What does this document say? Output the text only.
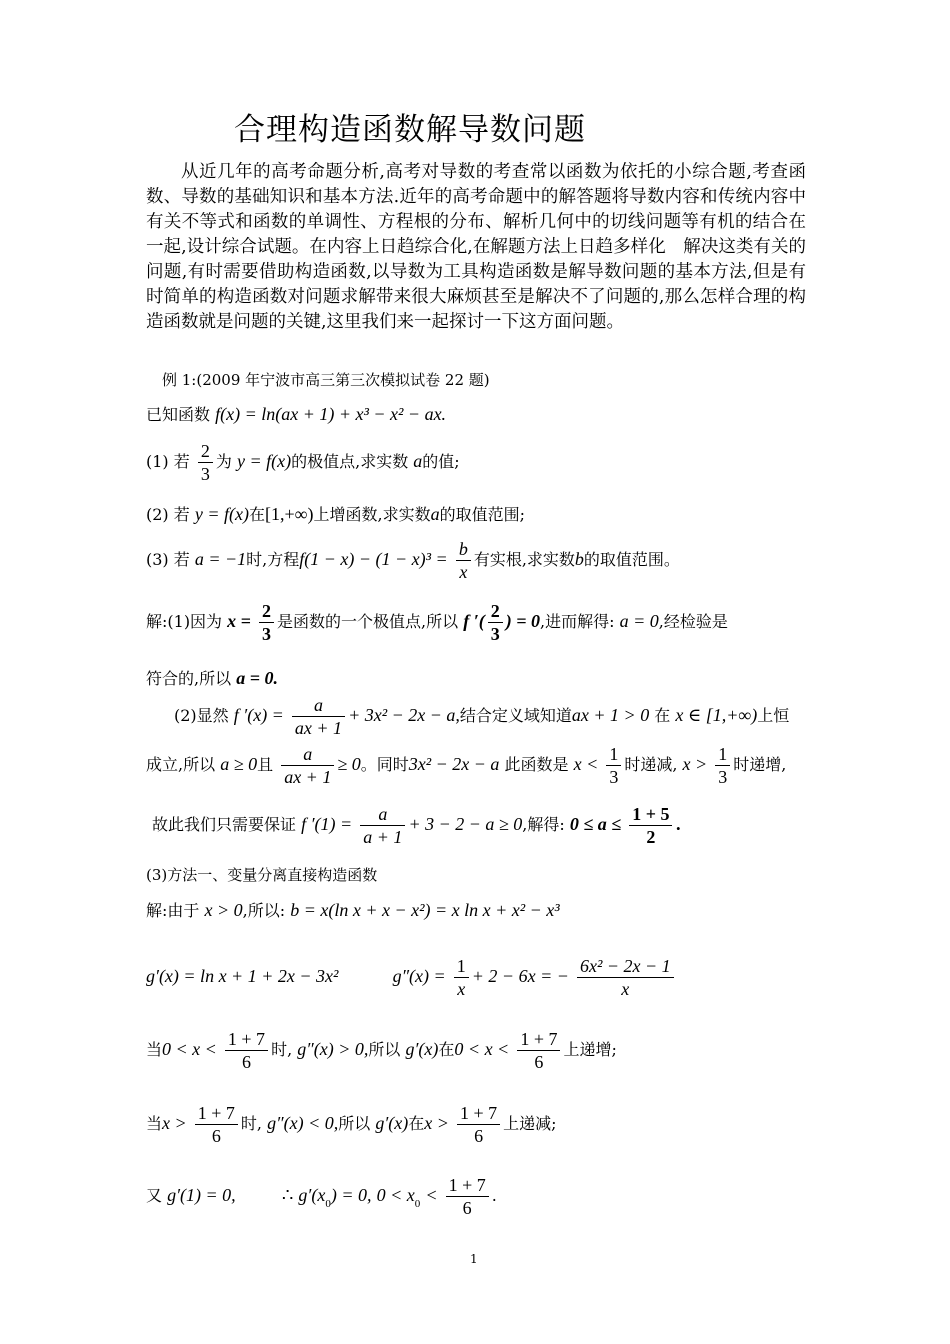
合理构造函数解导数问题
从近几年的高考命题分析,高考对导数的考查常以函数为依托的小综合题,考查函数、导数的基础知识和基本方法.近年的高考命题中的解答题将导数内容和传统内容中有关不等式和函数的单调性、方程根的分布、解析几何中的切线问题等有机的结合在一起,设计综合试题。在内容上日趋综合化,在解题方法上日趋多样化　解决这类有关的问题,有时需要借助构造函数,以导数为工具构造函数是解导数问题的基本方法,但是有时简单的构造函数对问题求解带来很大麻烦甚至是解决不了问题的,那么怎样合理的构造函数就是问题的关键,这里我们来一起探讨一下这方面问题。
例 1:(2009 年宁波市高三第三次模拟试卷 22 题)
已知函数 f(x) = ln(ax + 1) + x³ − x² − ax.
(1) 若 $\frac{2}{3}$ 为 y = f(x)的极值点,求实数 a的值;
(2) 若 y = f(x)在[1,+∞)上增函数,求实数a的取值范围;
(3) 若 a = −1时,方程$f(1 - x) - (1 - x)^3 = \frac{b}{x}$ 有实根,求实数b的取值范围。
解:(1)因为 $x = \frac{2}{3}$ 是函数的一个极值点,所以 f ′( $\frac{2}{3}$ ) = 0,进而解得: a = 0,经检验是
符合的,所以 a = 0.
(2)显然 f $'(x) = \frac{a}{ax + 1} + 3x^2 - 2x - a$,结合定义域知道ax + 1 > 0 在 x ∈ [1,+∞)上恒
成立,所以 a ≥ 0且 $\frac{a}{ax + 1} \ge 0$。同时3x² − 2x − a 此函数是 $x < \frac{1}{3}$ 时递减, $x > \frac{1}{3}$ 时递增,
故此我们只需要保证 f $'(1) = \frac{a}{a + 1} + 3 - 2 - a \ge 0$,解得: $0 \le a \le \frac{1 + 5}{2}$ .
(3)方法一、变量分离直接构造函数
解:由于 x > 0,所以: b = x(ln x + x − x²) = x ln x + x² − x³
g′(x) = ln x + 1 + 2x − 3x²	$g''(x) = \frac{1}{x} + 2 - 6x$ = − $\frac{\text{6x² − 2x − 1}}{x}$
当$0 < x < \frac{1 + 7}{6}$ 时, g″(x) > 0,所以 g′(x)在$0 < x < \frac{1 + 7}{6}$ 上递增;
当$x > \frac{1 + 7}{6}$ 时, g″(x) < 0,所以 g′(x)在$x > \frac{1 + 7}{6}$ 上递减;
又 g′(1) = 0,	∴ $g'(x_0) = 0$, $0 < x_0 < \frac{1 + 7}{6}$ .
1
